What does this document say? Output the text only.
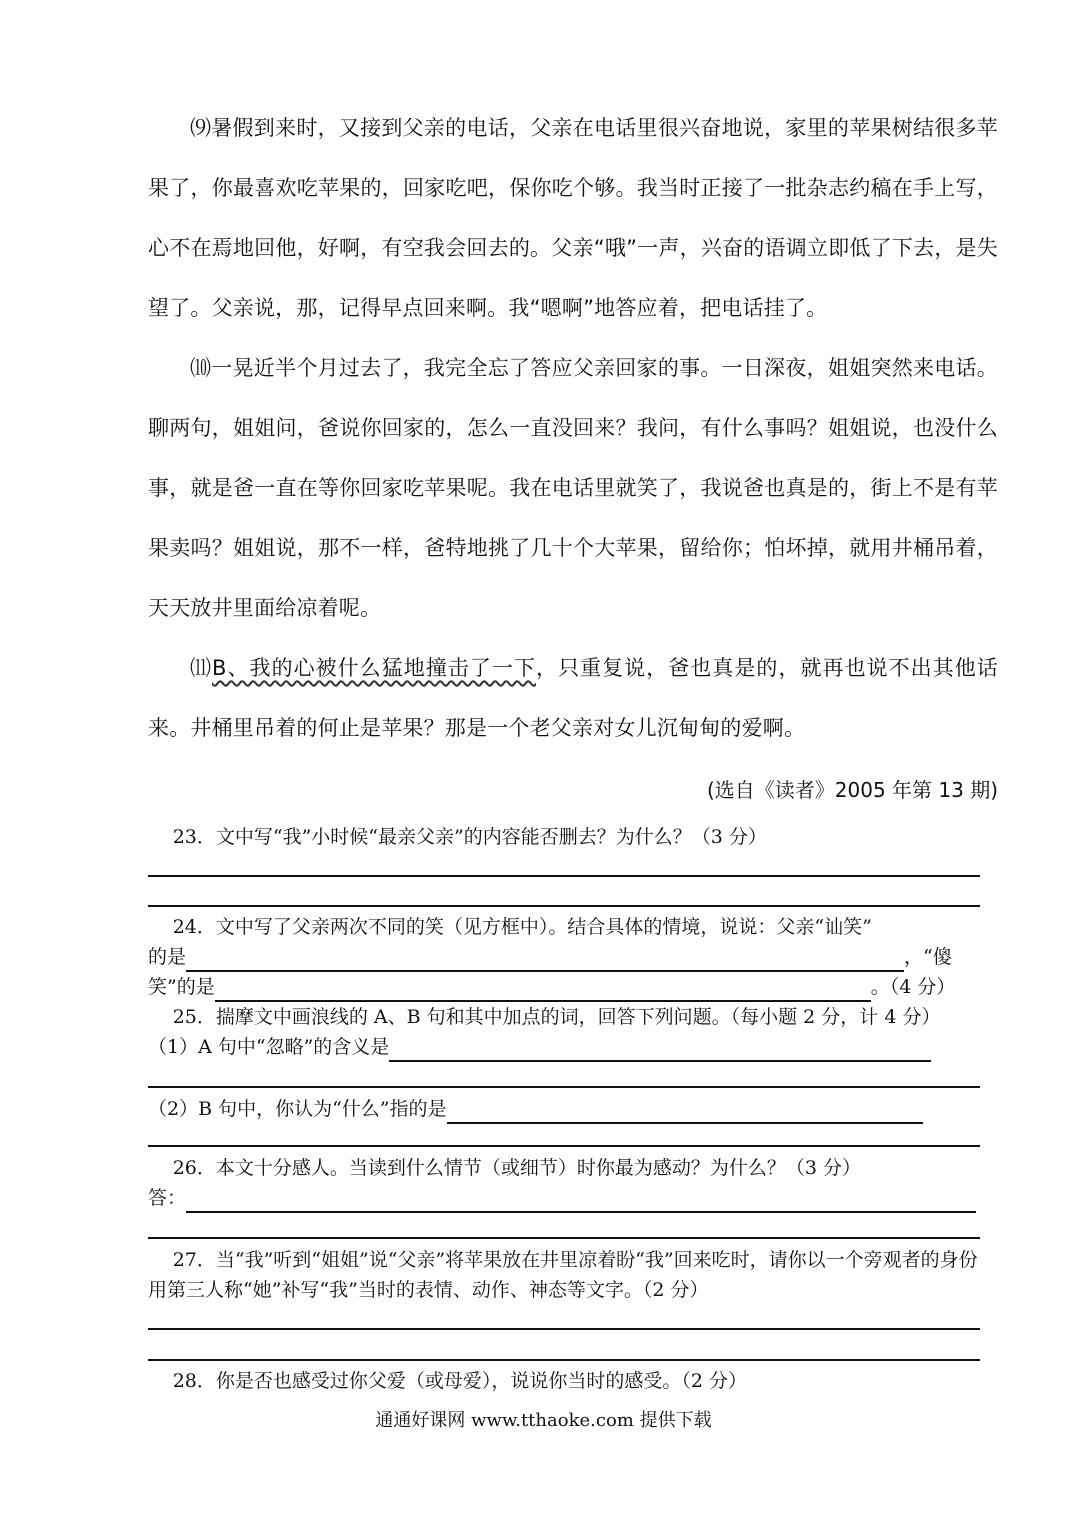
⑼暑假到来时，又接到父亲的电话，父亲在电话里很兴奋地说，家里的苹果树结很多苹果了，你最喜欢吃苹果的，回家吃吧，保你吃个够。我当时正接了一批杂志约稿在手上写，心不在焉地回他，好啊，有空我会回去的。父亲“哦”一声，兴奋的语调立即低了下去，是失望了。父亲说，那，记得早点回来啊。我“嗯啊”地答应着，把电话挂了。

⑽一晃近半个月过去了，我完全忘了答应父亲回家的事。一日深夜，姐姐突然来电话。聊两句，姐姐问，爸说你回家的，怎么一直没回来？我问，有什么事吗？姐姐说，也没什么事，就是爸一直在等你回家吃苹果呢。我在电话里就笑了，我说爸也真是的，街上不是有苹果卖吗？姐姐说，那不一样，爸特地挑了几十个大苹果，留给你；怕坏掉，就用井桶吊着，天天放井里面给凉着呢。

⑾B、我的心被什么猛地撞击了一下，只重复说，爸也真是的，就再也说不出其他话来。井桶里吊着的何止是苹果？那是一个老父亲对女儿沉甸甸的爱啊。

(选自《读者》2005 年第 13 期)

23．文中写“我”小时候“最亲父亲”的内容能否删去？为什么？（3 分）

24．文中写了父亲两次不同的笑（见方框中）。结合具体的情境，说说：父亲“讪笑”

的是	，“傻

笑”的是	。（4 分）

25．揣摩文中画浪线的 A、B 句和其中加点的词，回答下列问题。（每小题 2 分，计 4 分）

（1）A 句中“忽略”的含义是

（2）B 句中，你认为“什么”指的是

26．本文十分感人。当读到什么情节（或细节）时你最为感动？为什么？（3 分）

答：

27．当“我”听到“姐姐”说“父亲”将苹果放在井里凉着盼“我”回来吃时，请你以一个旁观者的身份用第三人称“她”补写“我”当时的表情、动作、神态等文字。（2 分）

28．你是否也感受过你父爱（或母爱），说说你当时的感受。（2 分）

通通好课网 www.tthaoke.com 提供下载
